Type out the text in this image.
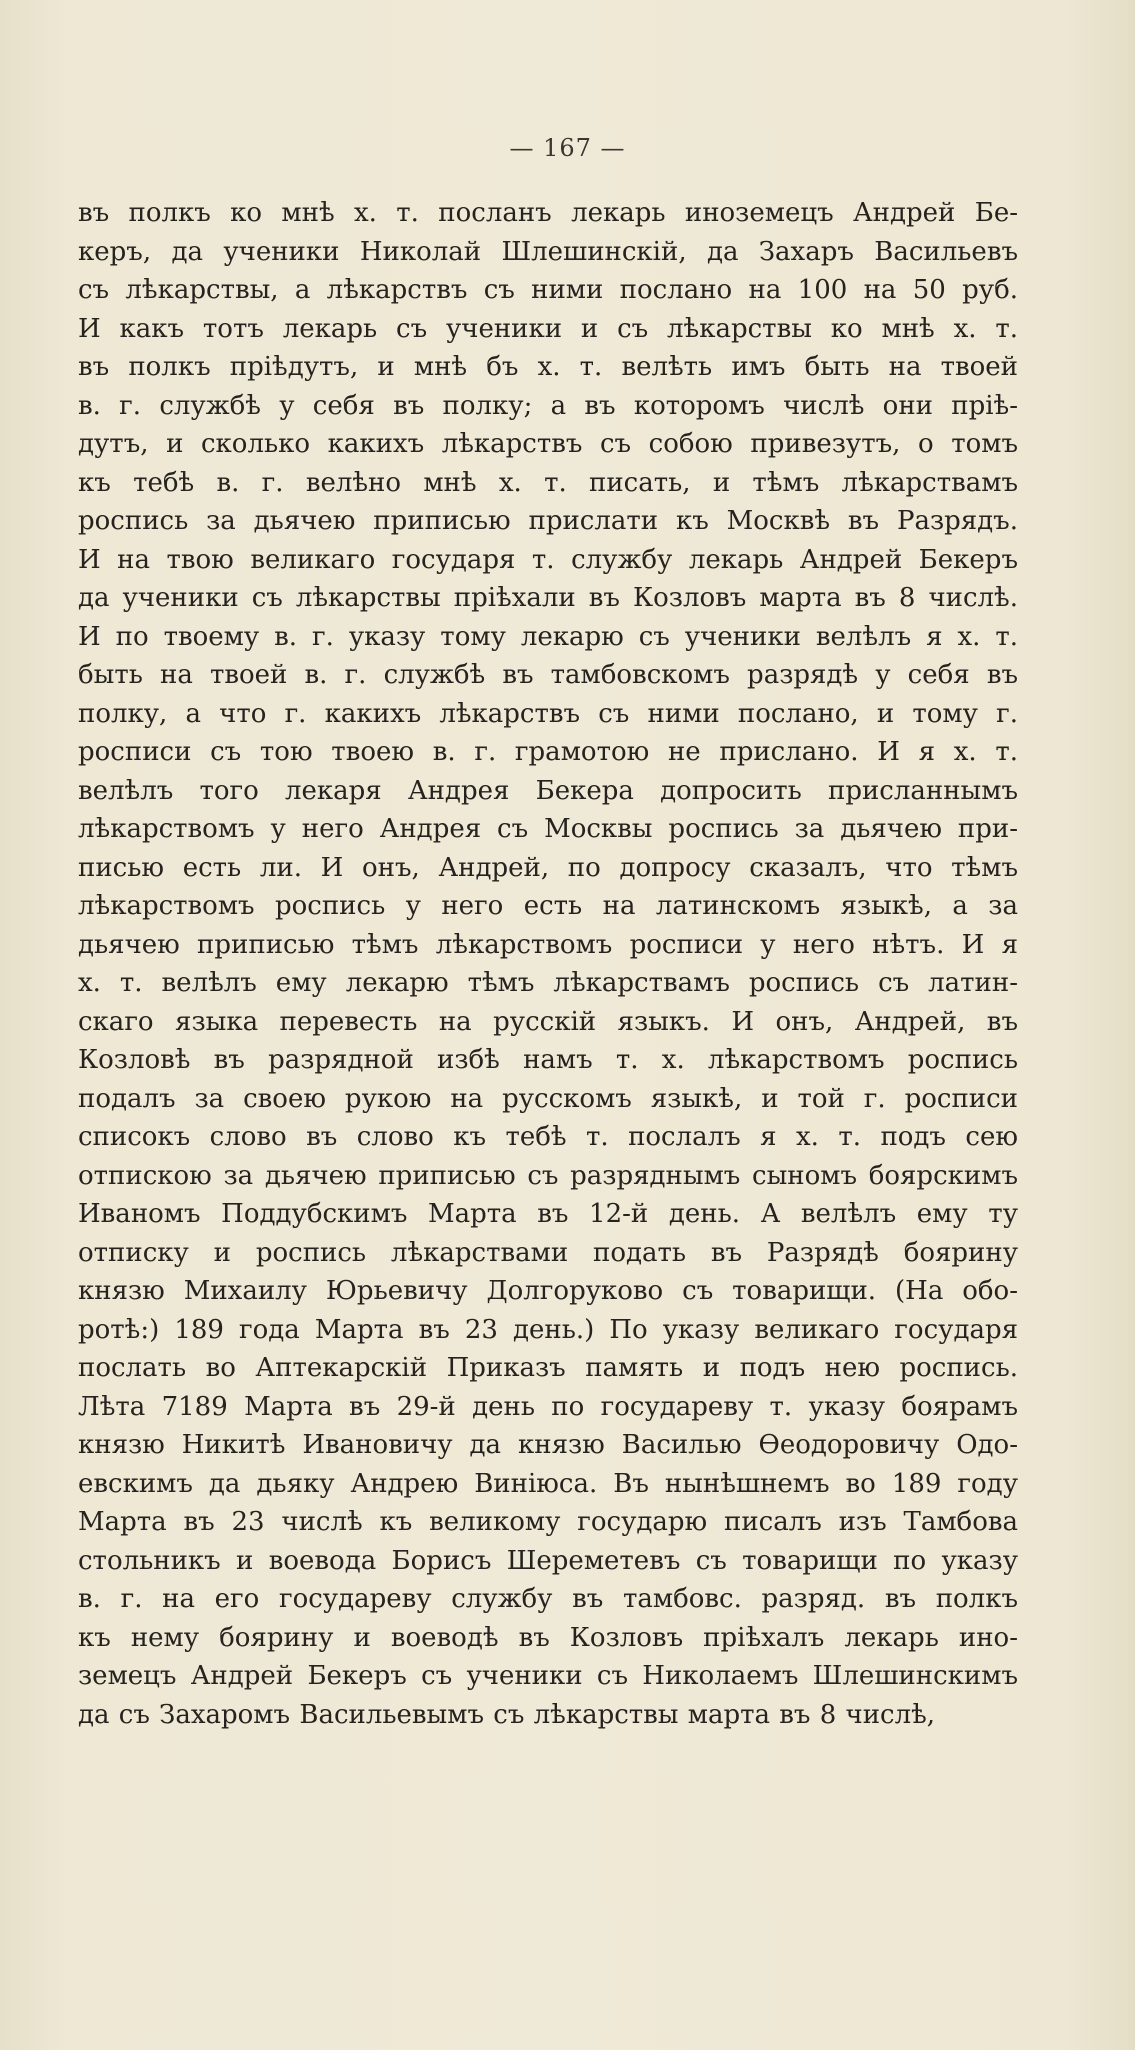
— 167 —
въ полкъ ко мнѣ х. т. посланъ лекарь иноземецъ Андрей Бе-
керъ, да ученики Николай Шлешинскій, да Захаръ Васильевъ
съ лѣкарствы, а лѣкарствъ съ ними послано на 100 на 50 руб.
И какъ тотъ лекарь съ ученики и съ лѣкарствы ко мнѣ х. т.
въ полкъ пріѣдутъ, и мнѣ бъ х. т. велѣть имъ быть на твоей
в. г. службѣ у себя въ полку; а въ которомъ числѣ они пріѣ-
дутъ, и сколько какихъ лѣкарствъ съ собою привезутъ, о томъ
къ тебѣ в. г. велѣно мнѣ х. т. писать, и тѣмъ лѣкарствамъ
роспись за дьячею приписью прислати къ Москвѣ въ Разрядъ.
И на твою великаго государя т. службу лекарь Андрей Бекеръ
да ученики съ лѣкарствы пріѣхали въ Козловъ марта въ 8 числѣ.
И по твоему в. г. указу тому лекарю съ ученики велѣлъ я х. т.
быть на твоей в. г. службѣ въ тамбовскомъ разрядѣ у себя въ
полку, а что г. какихъ лѣкарствъ съ ними послано, и тому г.
росписи съ тою твоею в. г. грамотою не прислано. И я х. т.
велѣлъ того лекаря Андрея Бекера допросить присланнымъ
лѣкарствомъ у него Андрея съ Москвы роспись за дьячею при-
писью есть ли. И онъ, Андрей, по допросу сказалъ, что тѣмъ
лѣкарствомъ роспись у него есть на латинскомъ языкѣ, а за
дьячею приписью тѣмъ лѣкарствомъ росписи у него нѣтъ. И я
х. т. велѣлъ ему лекарю тѣмъ лѣкарствамъ роспись съ латин-
скаго языка перевесть на русскій языкъ. И онъ, Андрей, въ
Козловѣ въ разрядной избѣ намъ т. х. лѣкарствомъ роспись
подалъ за своею рукою на русскомъ языкѣ, и той г. росписи
списокъ слово въ слово къ тебѣ т. послалъ я х. т. подъ сею
отпискою за дьячею приписью съ разряднымъ сыномъ боярскимъ
Иваномъ Поддубскимъ Марта въ 12-й день. А велѣлъ ему ту
отписку и роспись лѣкарствами подать въ Разрядѣ боярину
князю Михаилу Юрьевичу Долгоруково съ товарищи. (На обо-
ротѣ:) 189 года Марта въ 23 день.) По указу великаго государя
послать во Аптекарскій Приказъ память и подъ нею роспись.
Лѣта 7189 Марта въ 29-й день по государеву т. указу боярамъ
князю Никитѣ Ивановичу да князю Василью Ѳеодоровичу Одо-
евскимъ да дьяку Андрею Виніюса. Въ нынѣшнемъ во 189 году
Марта въ 23 числѣ къ великому государю писалъ изъ Тамбова
стольникъ и воевода Борисъ Шереметевъ съ товарищи по указу
в. г. на его государеву службу въ тамбовс. разряд. въ полкъ
къ нему боярину и воеводѣ въ Козловъ пріѣхалъ лекарь ино-
земецъ Андрей Бекеръ съ ученики съ Николаемъ Шлешинскимъ
да съ Захаромъ Васильевымъ съ лѣкарствы марта въ 8 числѣ,
